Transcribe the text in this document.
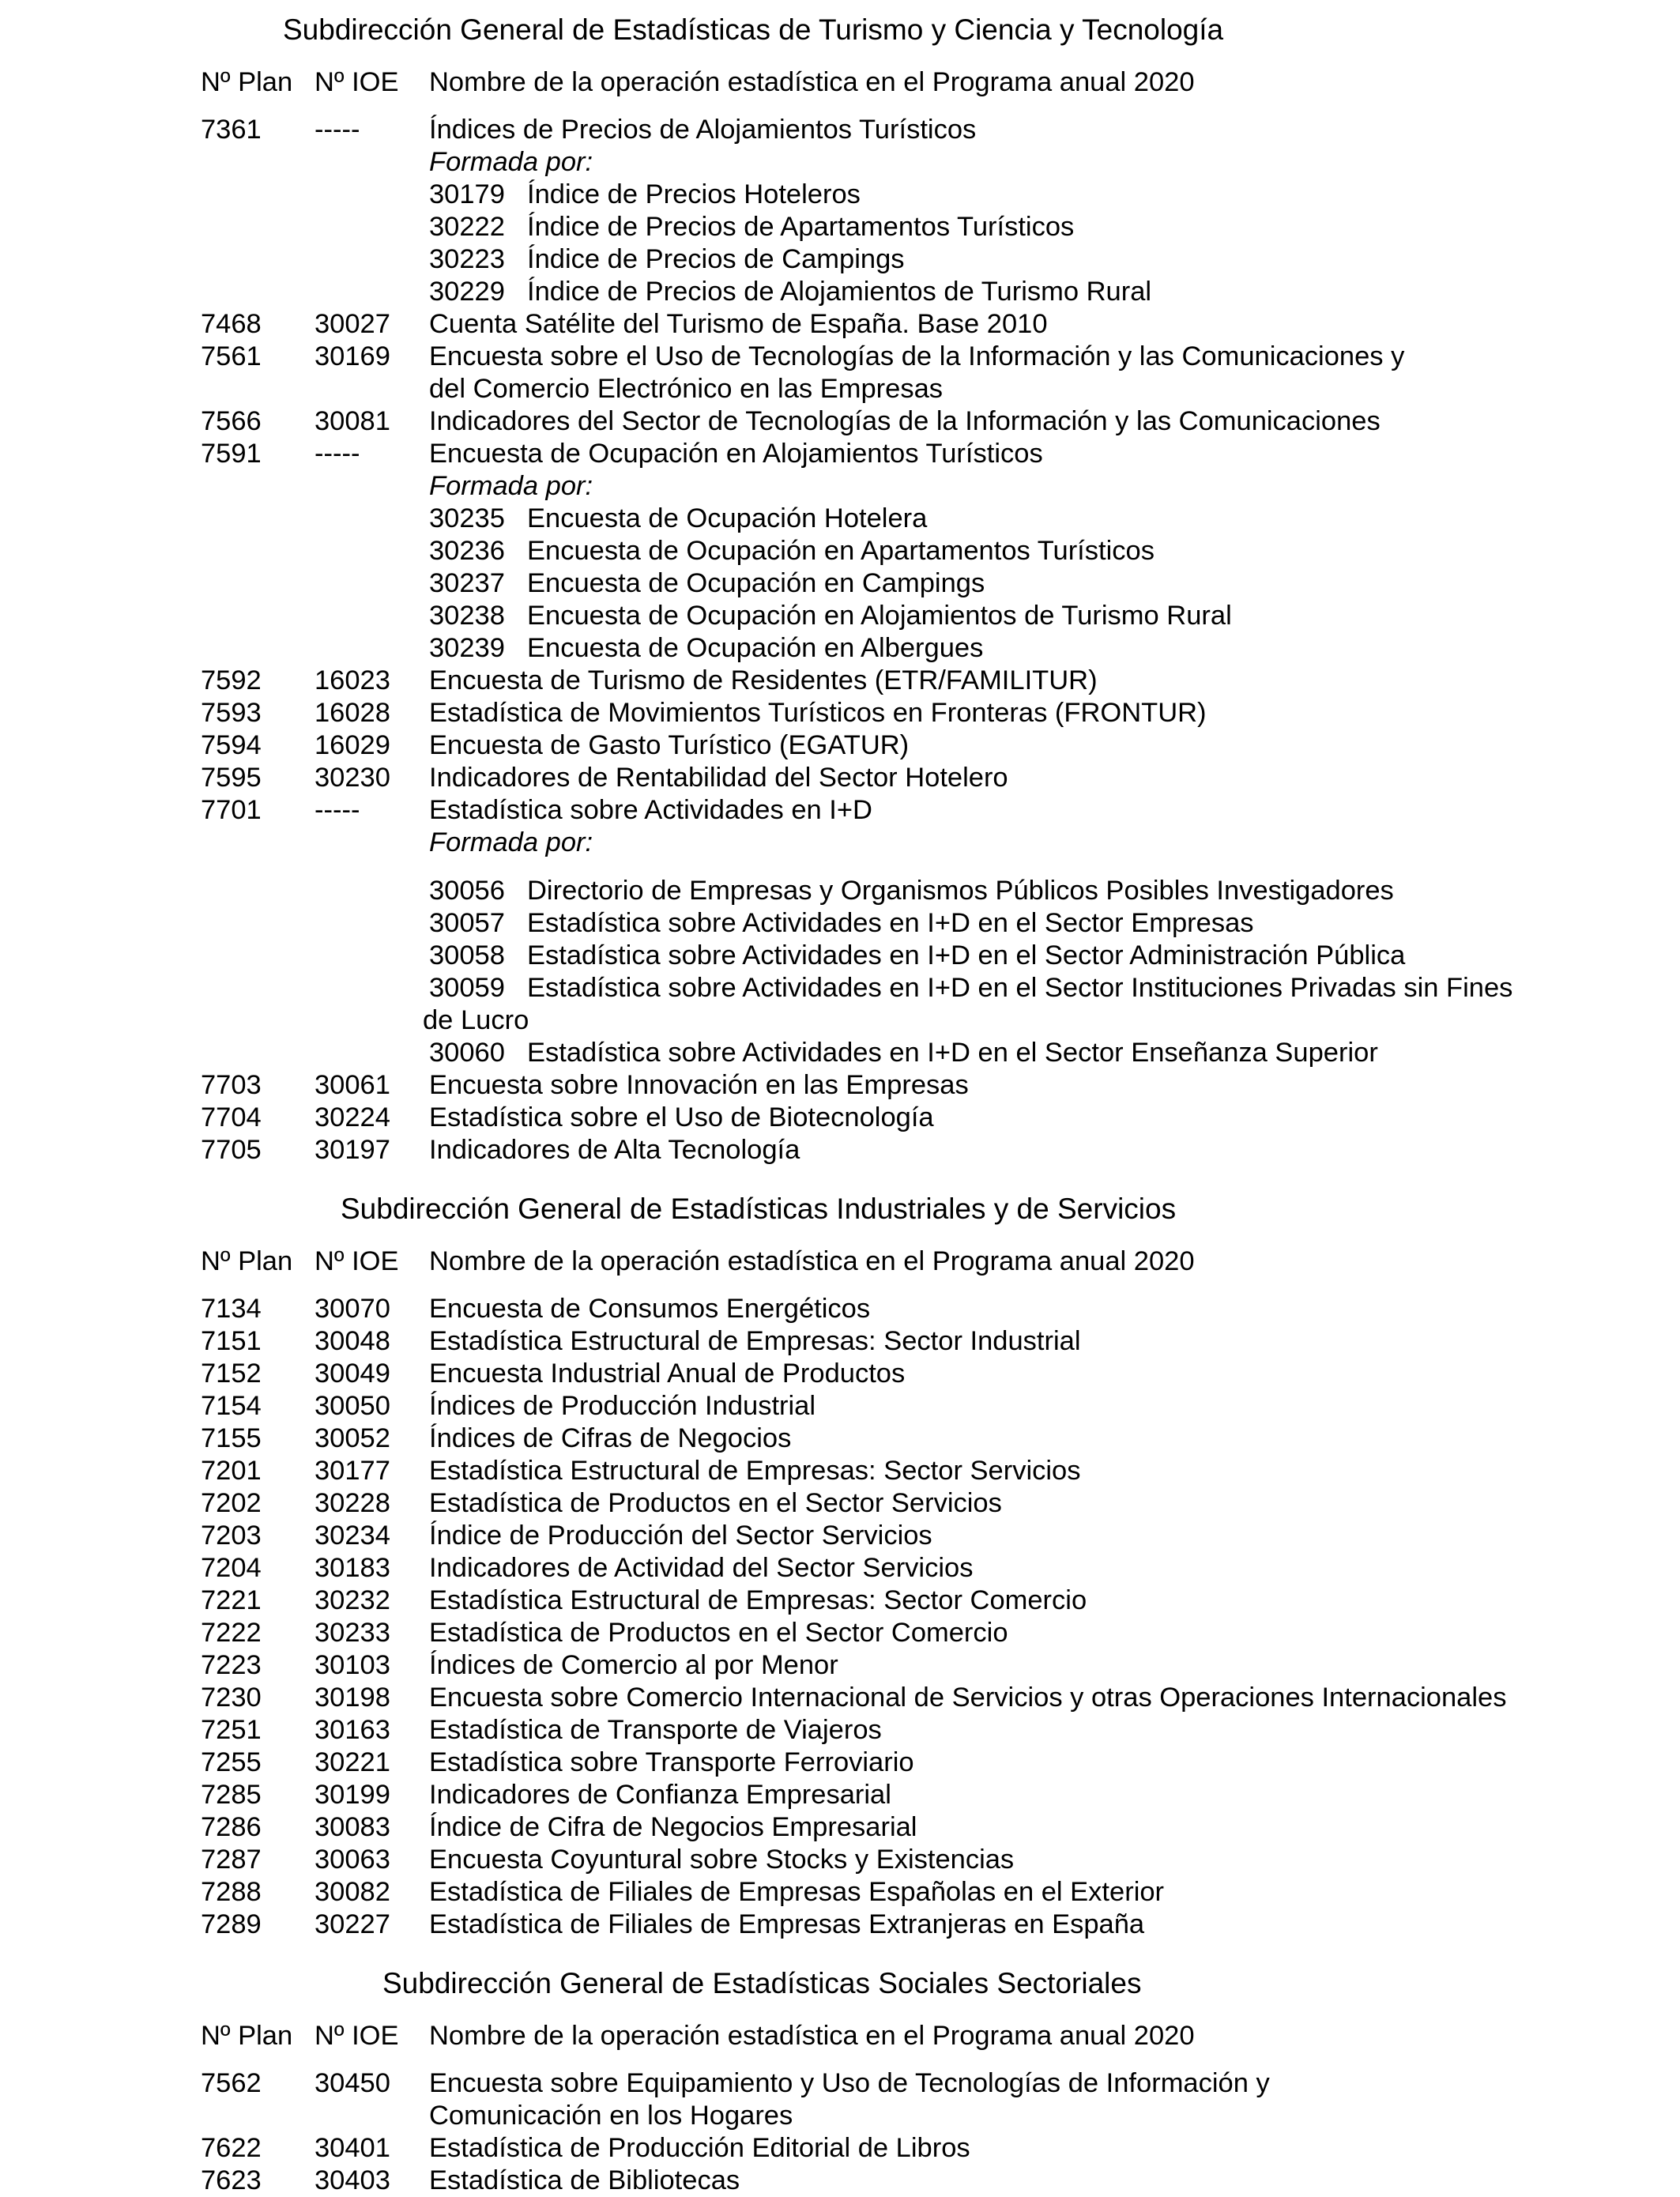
Subdirección General de Estadísticas de Turismo y Ciencia y Tecnología
Nº Plan Nº IOE Nombre de la operación estadística en el Programa anual 2020
7361 -----	Índices de Precios de Alojamientos Turísticos
Formada por:
30179 Índice de Precios Hoteleros
30222 Índice de Precios de Apartamentos Turísticos
30223 Índice de Precios de Campings
30229 Índice de Precios de Alojamientos de Turismo Rural
7468 30027 Cuenta Satélite del Turismo de España. Base 2010
7561 30169 Encuesta sobre el Uso de Tecnologías de la Información y las Comunicaciones y
del Comercio Electrónico en las Empresas
7566 30081 Indicadores del Sector de Tecnologías de la Información y las Comunicaciones
7591 -----	Encuesta de Ocupación en Alojamientos Turísticos
Formada por:
30235 Encuesta de Ocupación Hotelera
30236 Encuesta de Ocupación en Apartamentos Turísticos
30237 Encuesta de Ocupación en Campings
30238 Encuesta de Ocupación en Alojamientos de Turismo Rural
30239 Encuesta de Ocupación en Albergues
7592 16023 Encuesta de Turismo de Residentes (ETR/FAMILITUR)
7593 16028 Estadística de Movimientos Turísticos en Fronteras (FRONTUR)
7594 16029 Encuesta de Gasto Turístico (EGATUR)
7595 30230 Indicadores de Rentabilidad del Sector Hotelero
7701 -----	Estadística sobre Actividades en I+D
Formada por:
30056 Directorio de Empresas y Organismos Públicos Posibles Investigadores
30057 Estadística sobre Actividades en I+D en el Sector Empresas
30058 Estadística sobre Actividades en I+D en el Sector Administración Pública
30059 Estadística sobre Actividades en I+D en el Sector Instituciones Privadas sin Fines
de Lucro
30060 Estadística sobre Actividades en I+D en el Sector Enseñanza Superior
7703 30061 Encuesta sobre Innovación en las Empresas
7704 30224 Estadística sobre el Uso de Biotecnología
7705 30197 Indicadores de Alta Tecnología
Subdirección General de Estadísticas Industriales y de Servicios
Nº Plan Nº IOE Nombre de la operación estadística en el Programa anual 2020
7134 30070 Encuesta de Consumos Energéticos
7151 30048 Estadística Estructural de Empresas: Sector Industrial
7152 30049 Encuesta Industrial Anual de Productos
7154 30050 Índices de Producción Industrial
7155 30052 Índices de Cifras de Negocios
7201 30177 Estadística Estructural de Empresas: Sector Servicios
7202 30228 Estadística de Productos en el Sector Servicios
7203 30234 Índice de Producción del Sector Servicios
7204 30183 Indicadores de Actividad del Sector Servicios
7221 30232 Estadística Estructural de Empresas: Sector Comercio
7222 30233 Estadística de Productos en el Sector Comercio
7223 30103 Índices de Comercio al por Menor
7230 30198 Encuesta sobre Comercio Internacional de Servicios y otras Operaciones Internacionales
7251 30163 Estadística de Transporte de Viajeros
7255 30221 Estadística sobre Transporte Ferroviario
7285 30199 Indicadores de Confianza Empresarial
7286 30083 Índice de Cifra de Negocios Empresarial
7287 30063 Encuesta Coyuntural sobre Stocks y Existencias
7288 30082 Estadística de Filiales de Empresas Españolas en el Exterior
7289 30227 Estadística de Filiales de Empresas Extranjeras en España
Subdirección General de Estadísticas Sociales Sectoriales
Nº Plan Nº IOE Nombre de la operación estadística en el Programa anual 2020
7562 30450 Encuesta sobre Equipamiento y Uso de Tecnologías de Información y
Comunicación en los Hogares
7622 30401 Estadística de Producción Editorial de Libros
7623 30403 Estadística de Bibliotecas
